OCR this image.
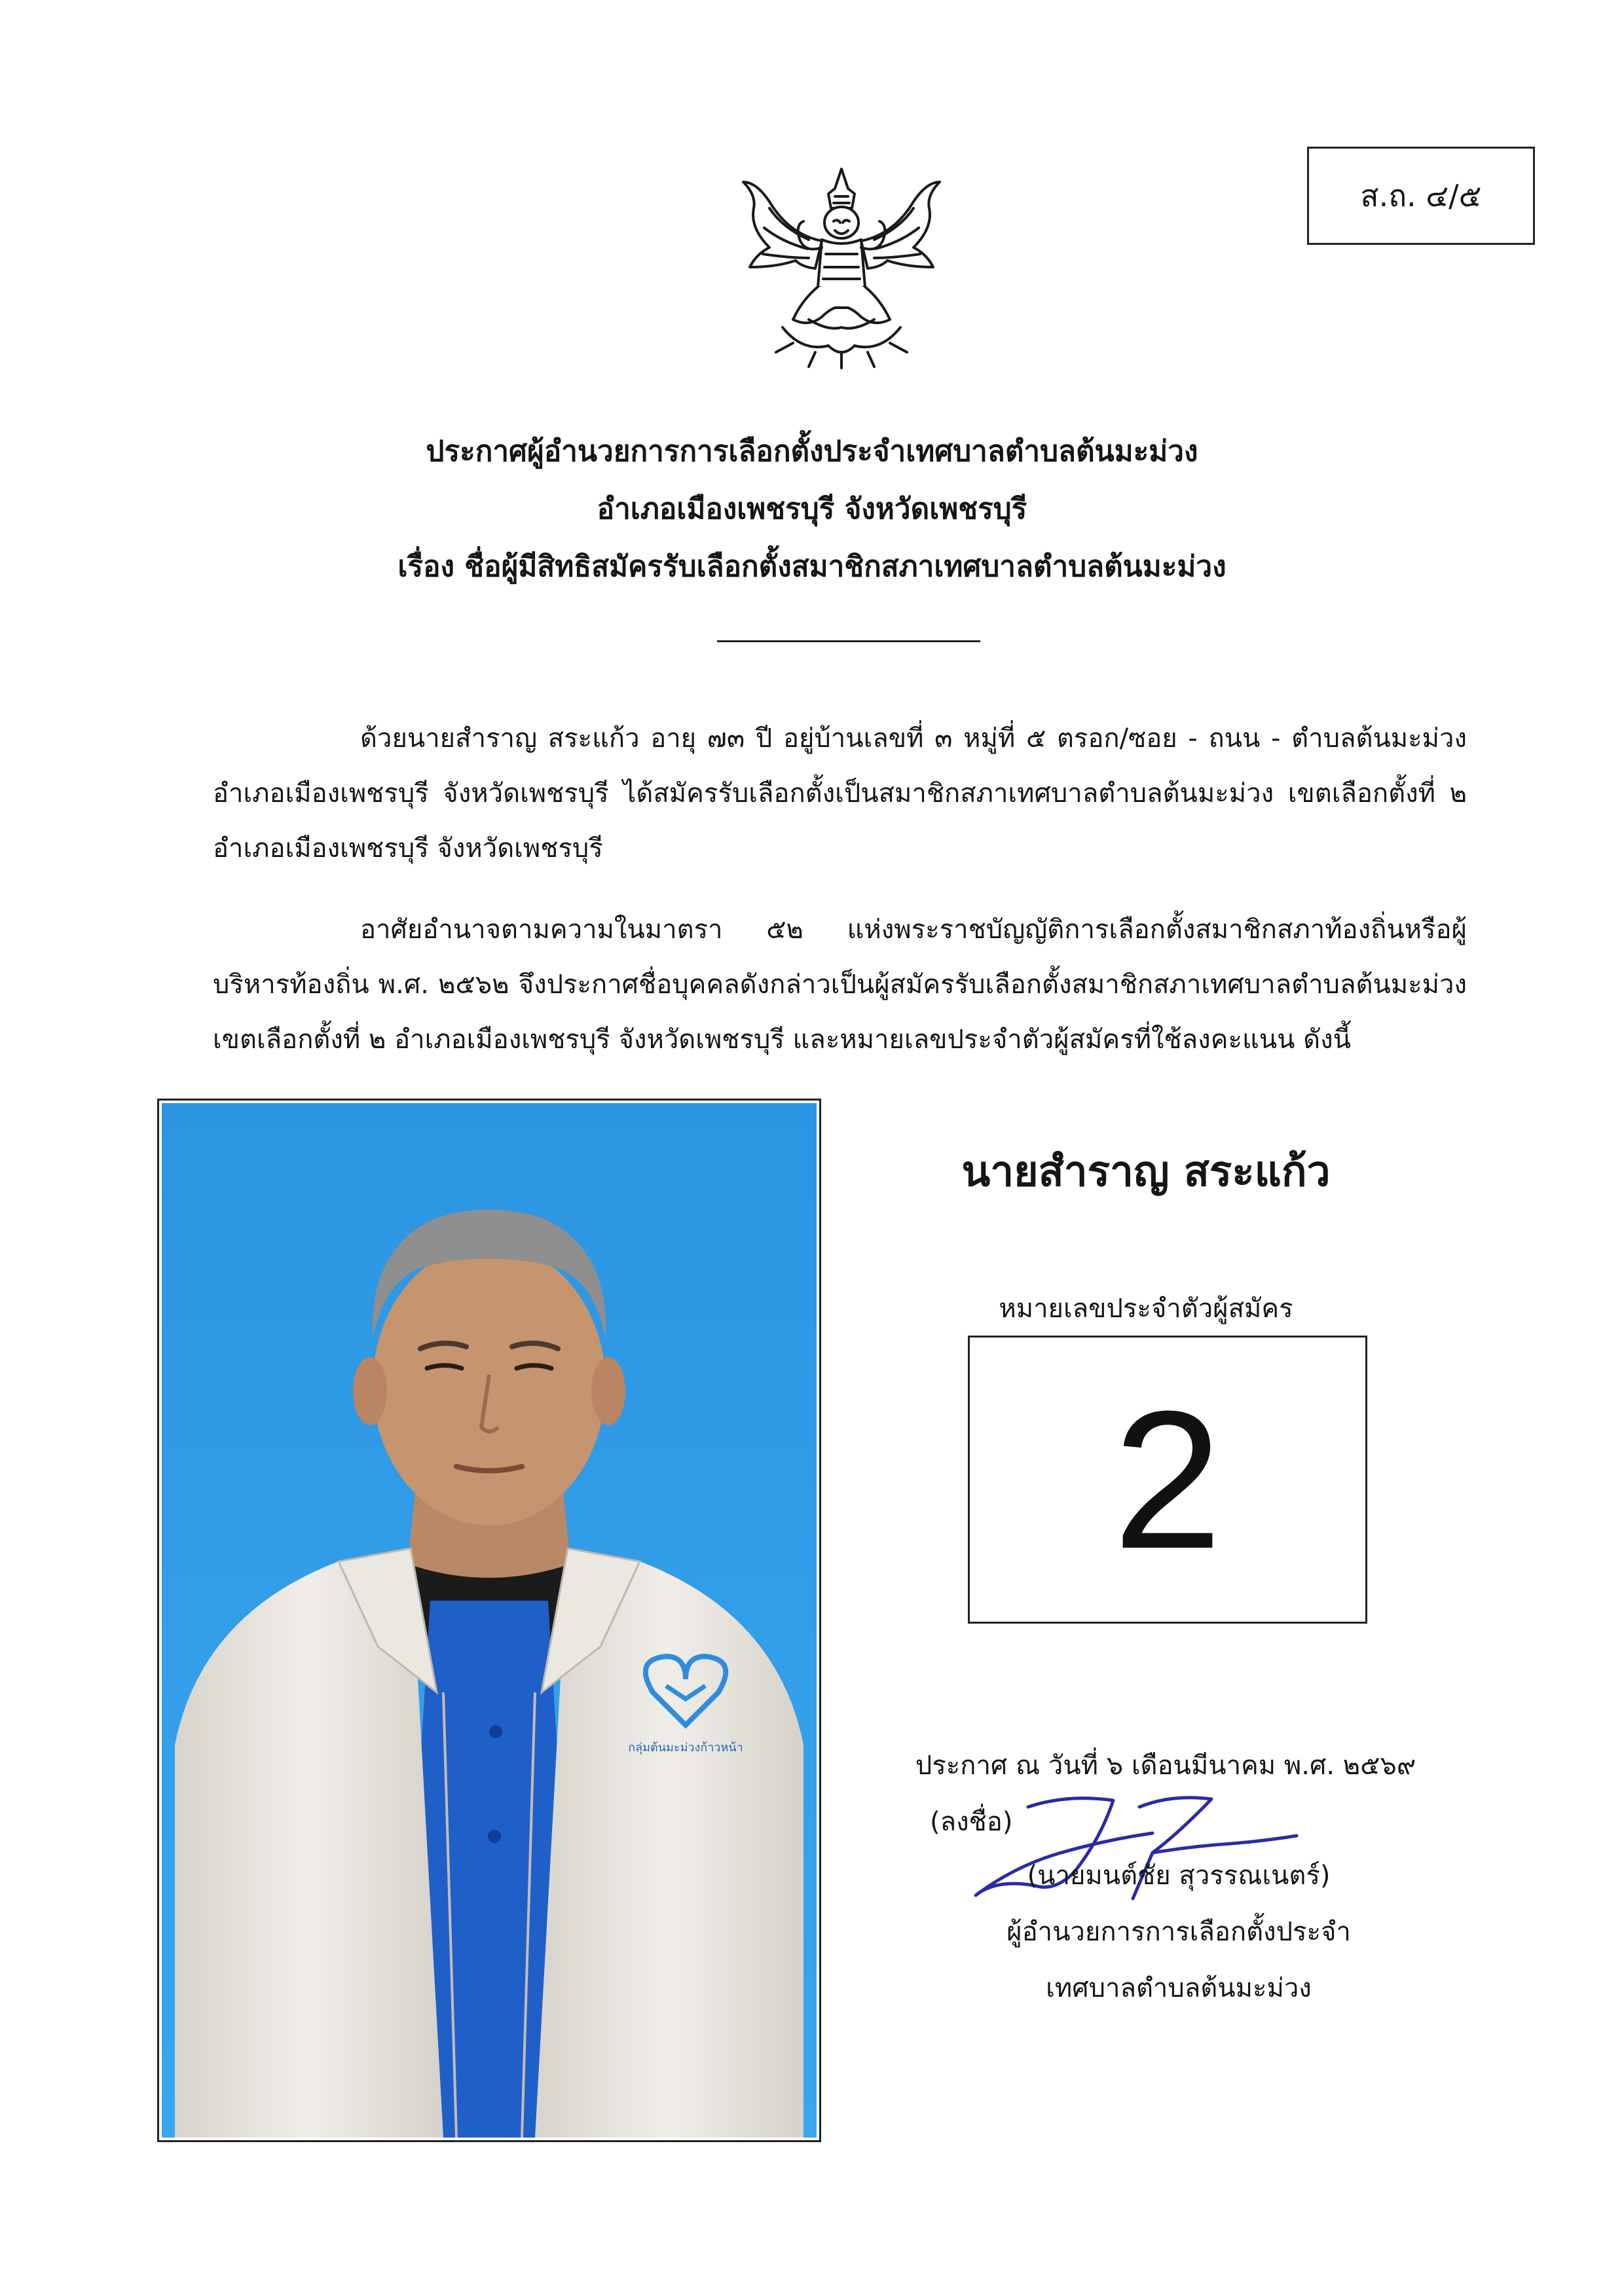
ส.ถ. ๔/๕
ประกาศผู้อำนวยการการเลือกตั้งประจำเทศบาลตำบลต้นมะม่วง
อำเภอเมืองเพชรบุรี จังหวัดเพชรบุรี
เรื่อง ชื่อผู้มีสิทธิสมัครรับเลือกตั้งสมาชิกสภาเทศบาลตำบลต้นมะม่วง
ด้วยนายสำราญ สระแก้ว อายุ ๗๓ ปี อยู่บ้านเลขที่ ๓ หมู่ที่ ๕ ตรอก/ซอย - ถนน - ตำบลต้นมะม่วง อำเภอเมืองเพชรบุรี จังหวัดเพชรบุรี ได้สมัครรับเลือกตั้งเป็นสมาชิกสภาเทศบาลตำบลต้นมะม่วง เขตเลือกตั้งที่ ๒ อำเภอเมืองเพชรบุรี จังหวัดเพชรบุรี
อาศัยอำนาจตามความในมาตรา ๕๒ แห่งพระราชบัญญัติการเลือกตั้งสมาชิกสภาท้องถิ่นหรือผู้บริหารท้องถิ่น พ.ศ. ๒๕๖๒ จึงประกาศชื่อบุคคลดังกล่าวเป็นผู้สมัครรับเลือกตั้งสมาชิกสภาเทศบาลตำบลต้นมะม่วง เขตเลือกตั้งที่ ๒ อำเภอเมืองเพชรบุรี จังหวัดเพชรบุรี และหมายเลขประจำตัวผู้สมัครที่ใช้ลงคะแนน ดังนี้
กลุ่มต้นมะม่วงก้าวหน้า
นายสำราญ สระแก้ว
หมายเลขประจำตัวผู้สมัคร
2
ประกาศ ณ วันที่ ๖ เดือนมีนาคม พ.ศ. ๒๕๖๙
(ลงชื่อ)
(นายมนต์ชัย สุวรรณเนตร์)
ผู้อำนวยการการเลือกตั้งประจำ
เทศบาลตำบลต้นมะม่วง
